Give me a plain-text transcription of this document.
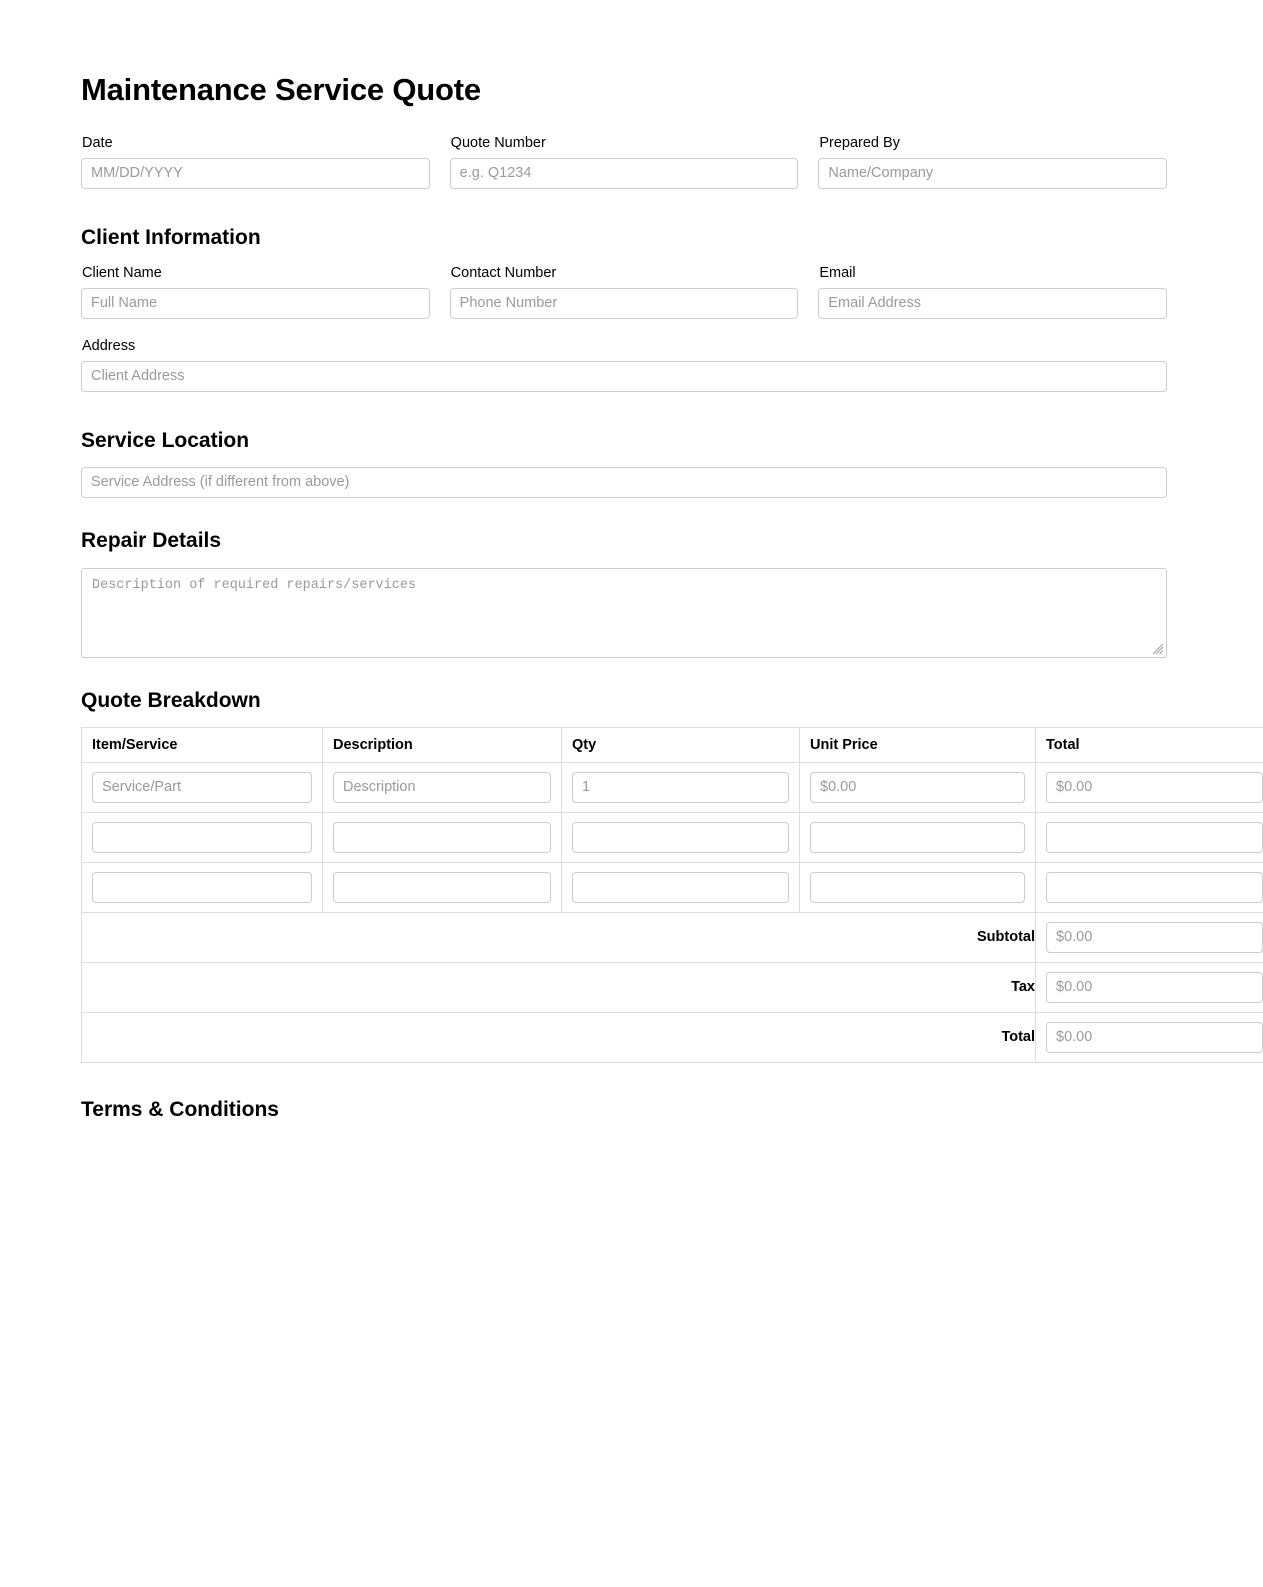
Maintenance Service Quote
Date
MM/DD/YYYY
Quote Number
e.g. Q1234
Prepared By
Name/Company
Client Information
Client Name
Full Name
Contact Number
Phone Number
Email
Email Address
Address
Client Address
Service Location
Service Address (if different from above)
Repair Details
Description of required repairs/services
Quote Breakdown
Item/Service	Description	Qty	Unit Price	Total

Service/Part	Description	1	$0.00	$0.00

Subtotal				$0.00

Tax				$0.00

Total				$0.00
Terms & Conditions
